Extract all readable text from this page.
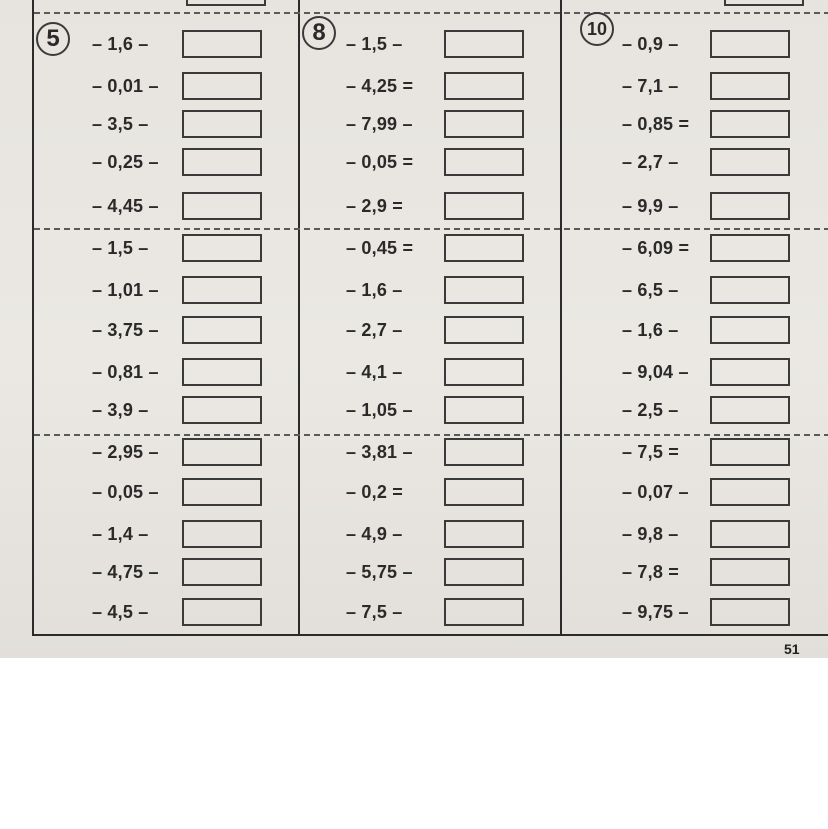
5	– 1,6 –
– 0,01 –
– 3,5 –
– 0,25 –
– 4,45 –
– 1,5 –
– 1,01 –
– 3,75 –
– 0,81 –
– 3,9 –
– 2,95 –
– 0,05 –
– 1,4 –
– 4,75 –
– 4,5 –
8	– 1,5 –
– 4,25 =
– 7,99 –
– 0,05 =
– 2,9 =
– 0,45 =
– 1,6 –
– 2,7 –
– 4,1 –
– 1,05 –
– 3,81 –
– 0,2 =
– 4,9 –
– 5,75 –
– 7,5 –
10
– 0,9 –
– 7,1 –
– 0,85 =
– 2,7 –
– 9,9 –
– 6,09 =
– 6,5 –
– 1,6 –
– 9,04 –
– 2,5 –
– 7,5 =
– 0,07 –
– 9,8 –
– 7,8 =
– 9,75 –
51
